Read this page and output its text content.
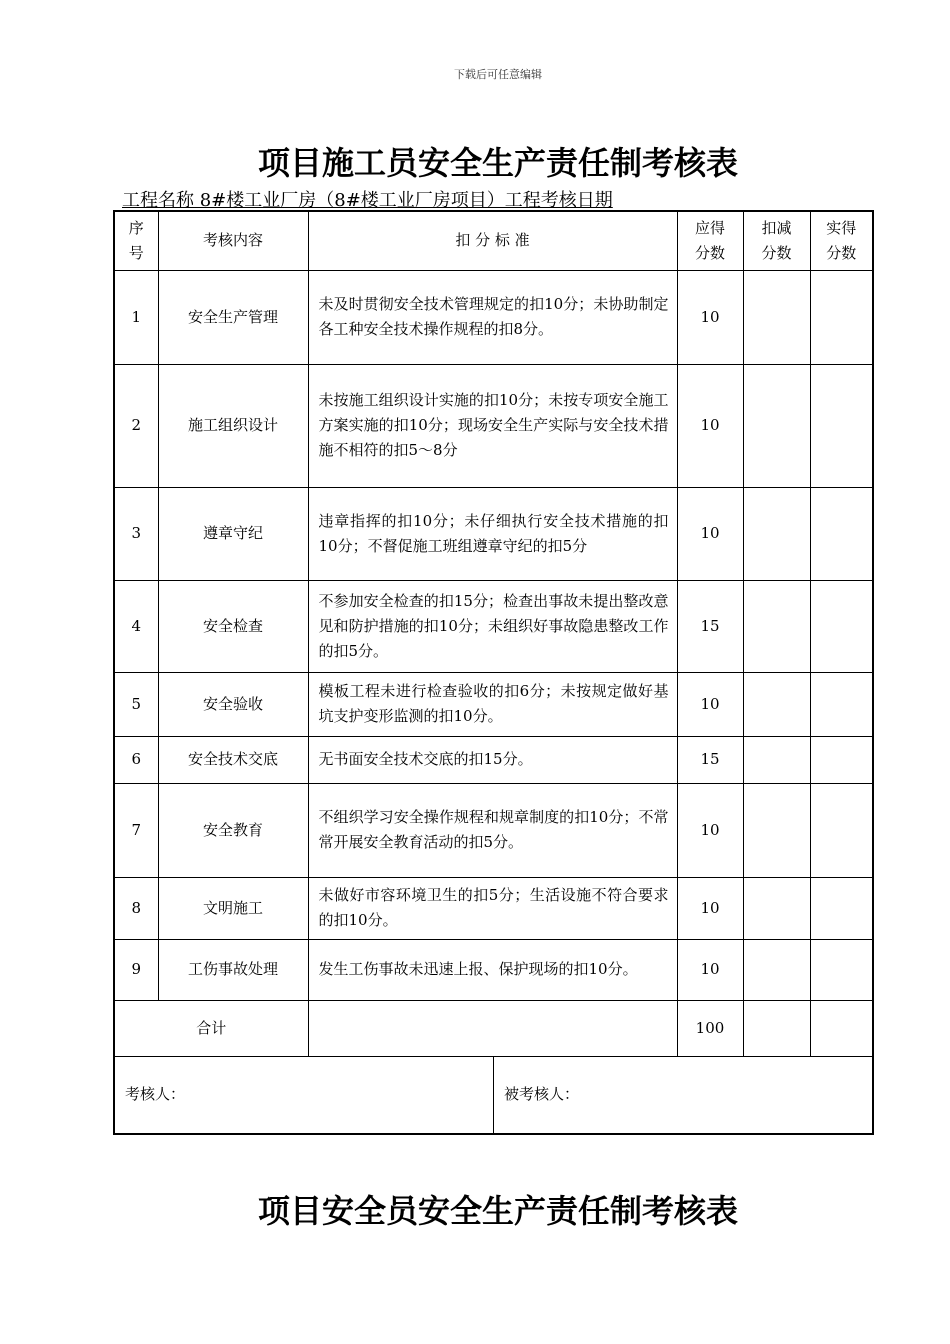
下载后可任意编辑
项目施工员安全生产责任制考核表
工程名称 8#楼工业厂房（8#楼工业厂房项目）工程考核日期
序号	考核内容	扣 分 标 准	应得分数	扣减分数	实得分数

1	安全生产管理	未及时贯彻安全技术管理规定的扣10分；未协助制定各工种安全技术操作规程的扣8分。	10		
2	施工组织设计	未按施工组织设计实施的扣10分；未按专项安全施工方案实施的扣10分；现场安全生产实际与安全技术措施不相符的扣5～8分	10		
3	遵章守纪	违章指挥的扣10分；未仔细执行安全技术措施的扣10分；不督促施工班组遵章守纪的扣5分	10		
4	安全检查	不参加安全检查的扣15分；检查出事故未提出整改意见和防护措施的扣10分；未组织好事故隐患整改工作的扣5分。	15		
5	安全验收	模板工程未进行检查验收的扣6分；未按规定做好基坑支护变形监测的扣10分。	10		
6	安全技术交底	无书面安全技术交底的扣15分。	15		
7	安全教育	不组织学习安全操作规程和规章制度的扣10分；不常常开展安全教育活动的扣5分。	10		
8	文明施工	未做好市容环境卫生的扣5分；生活设施不符合要求的扣10分。	10		
9	工伤事故处理	发生工伤事故未迅速上报、保护现场的扣10分。	10		
合计			100		

考核人： 被考核人：					

项目安全员安全生产责任制考核表
